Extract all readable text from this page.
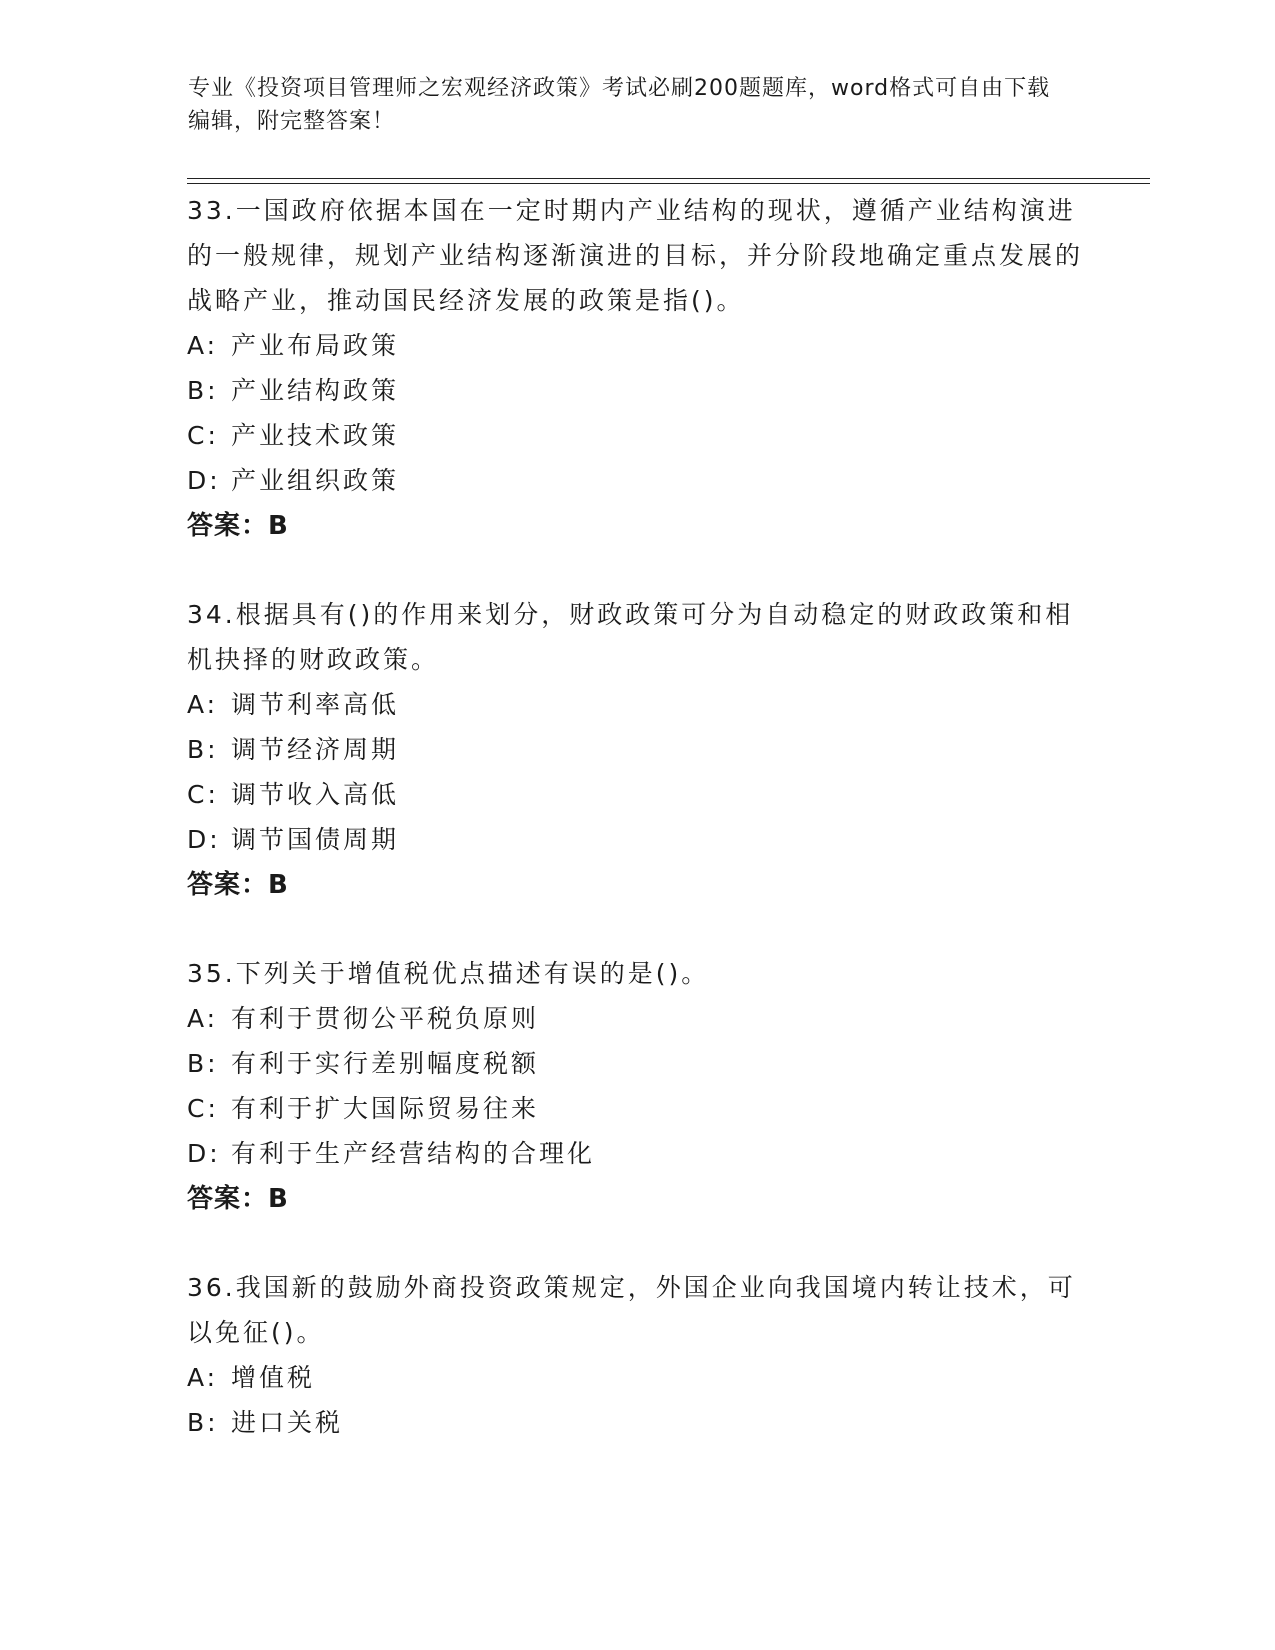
专业《投资项目管理师之宏观经济政策》考试必刷200题题库，word格式可自由下载编辑，附完整答案！

33.一国政府依据本国在一定时期内产业结构的现状，遵循产业结构演进的一般规律，规划产业结构逐渐演进的目标，并分阶段地确定重点发展的战略产业，推动国民经济发展的政策是指()。

A: 产业布局政策
B: 产业结构政策
C: 产业技术政策
D: 产业组织政策
答案：B

34.根据具有()的作用来划分，财政政策可分为自动稳定的财政政策和相机抉择的财政政策。

A: 调节利率高低
B: 调节经济周期
C: 调节收入高低
D: 调节国债周期
答案：B

35.下列关于增值税优点描述有误的是()。

A: 有利于贯彻公平税负原则
B: 有利于实行差别幅度税额
C: 有利于扩大国际贸易往来
D: 有利于生产经营结构的合理化
答案：B

36.我国新的鼓励外商投资政策规定，外国企业向我国境内转让技术，可以免征()。

A: 增值税
B: 进口关税
